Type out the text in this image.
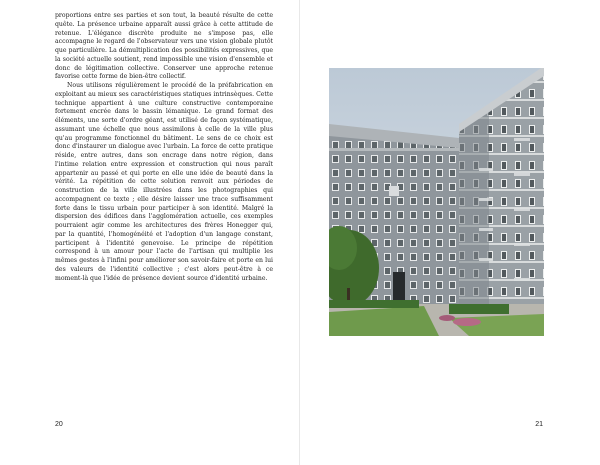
proportions entre ses parties et son tout, la beauté résulte de cette quête. La présence urbaine apparaît aussi grâce à cette attitude de retenue. L'élégance discrète produite ne s'impose pas, elle accompagne le regard de l'observateur vers une vision globale plutôt que particulière. La démultiplication des possibilités expressives, que la société actuelle soutient, rend impossible une vision d'ensemble et donc de légitimation collective. Conserver une approche retenue favorise cette forme de bien-être collectif.

Nous utilisons régulièrement le procédé de la préfabrication en exploitant au mieux ses caractéristiques statiques intrinsèques. Cette technique appartient à une culture constructive contemporaine fortement encrée dans le bassin lémanique. Le grand format des éléments, une sorte d'ordre géant, est utilisé de façon systématique, assumant une échelle que nous assimilons à celle de la ville plus qu'au programme fonctionnel du bâtiment. Le sens de ce choix est donc d'instaurer un dialogue avec l'urbain. La force de cette pratique réside, entre autres, dans son encrage dans notre région, dans l'intime relation entre expression et construction qui nous paraît appartenir au passé et qui porte en elle une idée de beauté dans la vérité. La répétition de cette solution renvoit aux périodes de construction de la ville illustrées dans les photographies qui accompagnent ce texte ; elle désire laisser une trace suffisamment forte dans le tissu urbain pour participer à son identité. Malgré la dispersion des édifices dans l'agglomération actuelle, ces exemples pourraient agir comme les architectures des frères Honegger qui, par la quantité, l'homogénéité et l'adoption d'un langage constant, participent à l'identité genevoise. Le principe de répétition correspond à un amour pour l'acte de l'artisan qui multiplie les mêmes gestes à l'infini pour améliorer son savoir-faire et porte en lui des valeurs de l'identité collective ; c'est alors peut-être à ce moment-là que l'idée de présence devient source d'identité urbaine.

20	21
